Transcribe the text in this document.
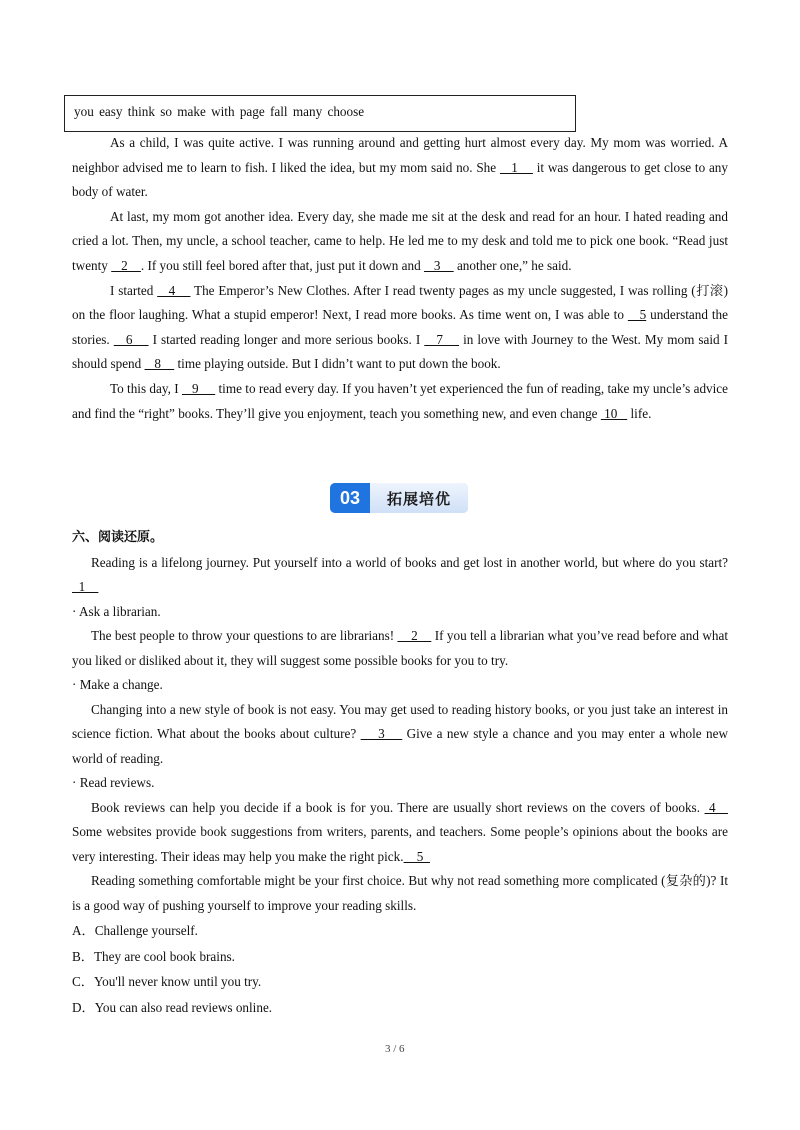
you easy think so make with page fall many choose

As a child, I was quite active. I was running around and getting hurt almost every day. My mom was worried. A neighbor advised me to learn to fish. I liked the idea, but my mom said no. She    1     it was dangerous to get close to any body of water.

At last, my mom got another idea. Every day, she made me sit at the desk and read for an hour. I hated reading and cried a lot. Then, my uncle, a school teacher, came to help. He led me to my desk and told me to pick one book. “Read just twenty    2    . If you still feel bored after that, just put it down and    3     another one,” he said.

I started    4     The Emperor’s New Clothes. After I read twenty pages as my uncle suggested, I was rolling (打滚) on the floor laughing. What a stupid emperor! Next, I read more books. As time went on, I was able to    5 understand the stories.    6     I started reading longer and more serious books. I    7     in love with Journey to the West. My mom said I should spend    8     time playing outside. But I didn’t want to put down the book.

To this day, I    9      time to read every day. If you haven’t yet experienced the fun of reading, take my uncle’s advice and find the “right” books. They’ll give you enjoyment, teach you something new, and even change  10    life.

03	拓展培优

六、阅读还原。

Reading is a lifelong journey. Put yourself into a world of books and get lost in another world, but where do you start?   1

· Ask a librarian.

The best people to throw your questions to are librarians!     2     If you tell a librarian what you’ve read before and what you liked or disliked about it, they will suggest some possible books for you to try.

· Make a change.

Changing into a new style of book is not easy. You may get used to reading history books, or you just take an interest in science fiction. What about the books about culture?     3     Give a new style a chance and you may enter a whole new world of reading.

· Read reviews.

Book reviews can help you decide if a book is for you. There are usually short reviews on the covers of books.  4    Some websites provide book suggestions from writers, parents, and teachers. Some people’s opinions about the books are very interesting. Their ideas may help you make the right pick.    5

Reading something comfortable might be your first choice. But why not read something more complicated (复杂的)? It is a good way of pushing yourself to improve your reading skills.

A．Challenge yourself.

B．They are cool book brains.

C．You'll never know until you try.

D．You can also read reviews online.

3 / 6
